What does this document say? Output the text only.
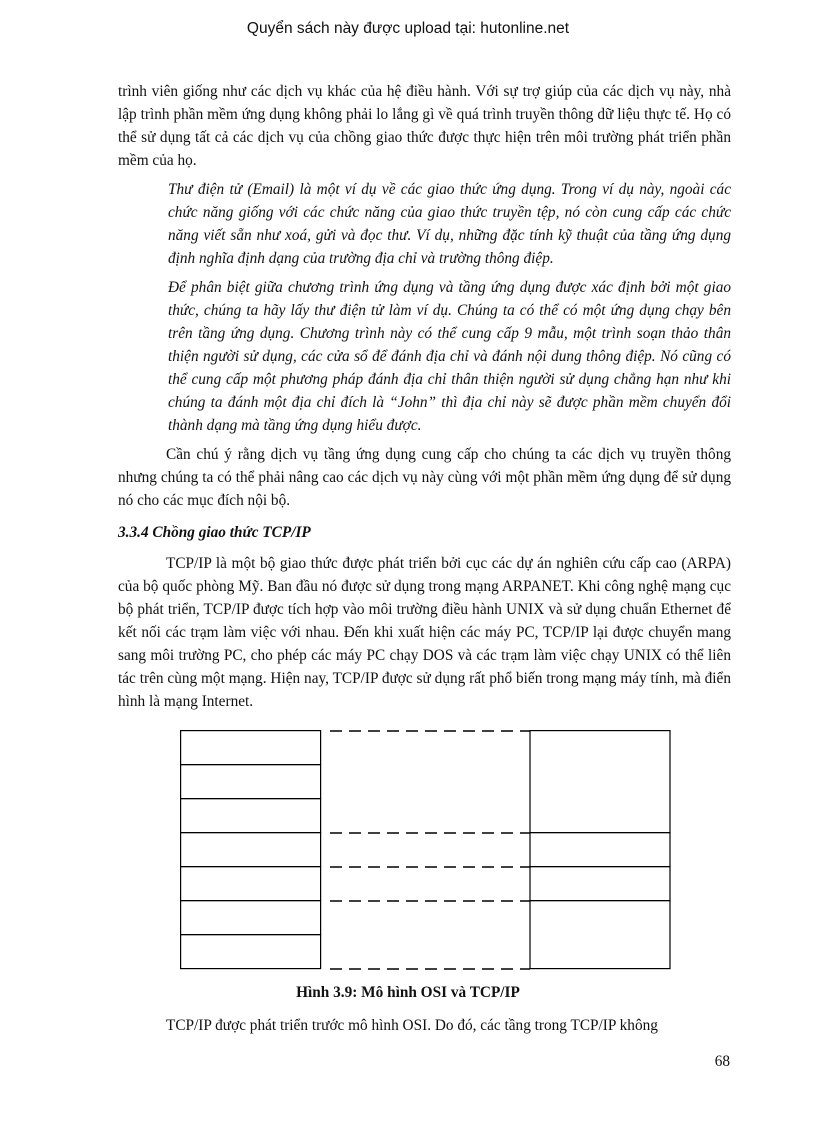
Quyển sách này được upload tại: hutonline.net

trình viên giống như các dịch vụ khác của hệ điều hành. Với sự trợ giúp của các dịch vụ này, nhà lập trình phần mềm ứng dụng không phải lo lắng gì về quá trình truyền thông dữ liệu thực tế. Họ có thể sử dụng tất cả các dịch vụ của chồng giao thức được thực hiện trên môi trường phát triển phần mềm của họ.

Thư điện tử (Email) là một ví dụ về các giao thức ứng dụng. Trong ví dụ này, ngoài các chức năng giống với các chức năng của giao thức truyền tệp, nó còn cung cấp các chức năng viết sẵn như xoá, gửi và đọc thư. Ví dụ, những đặc tính kỹ thuật của tầng ứng dụng định nghĩa định dạng của trường địa chỉ và trường thông điệp.

Để phân biệt giữa chương trình ứng dụng và tầng ứng dụng được xác định bởi một giao thức, chúng ta hãy lấy thư điện tử làm ví dụ. Chúng ta có thể có một ứng dụng chạy bên trên tầng ứng dụng. Chương trình này có thể cung cấp 9 mẫu, một trình soạn thảo thân thiện người sử dụng, các cửa sổ để đánh địa chỉ và đánh nội dung thông điệp. Nó cũng có thể cung cấp một phương pháp đánh địa chỉ thân thiện người sử dụng chẳng hạn như khi chúng ta đánh một địa chỉ đích là “John” thì địa chỉ này sẽ được phần mềm chuyển đổi thành dạng mà tầng ứng dụng hiểu được.

Cần chú ý rằng dịch vụ tầng ứng dụng cung cấp cho chúng ta các dịch vụ truyền thông nhưng chúng ta có thể phải nâng cao các dịch vụ này cùng với một phần mềm ứng dụng để sử dụng nó cho các mục đích nội bộ.

3.3.4 Chồng giao thức TCP/IP

TCP/IP là một bộ giao thức được phát triển bởi cục các dự án nghiên cứu cấp cao (ARPA) của bộ quốc phòng Mỹ. Ban đầu nó được sử dụng trong mạng ARPANET. Khi công nghệ mạng cục bộ phát triển, TCP/IP được tích hợp vào môi trường điều hành UNIX và sử dụng chuẩn Ethernet để kết nối các trạm làm việc với nhau. Đến khi xuất hiện các máy PC, TCP/IP lại được chuyển mang sang môi trường PC, cho phép các máy PC chạy DOS và các trạm làm việc chạy UNIX có thể liên tác trên cùng một mạng. Hiện nay, TCP/IP được sử dụng rất phổ biến trong mạng máy tính, mà điển hình là mạng Internet.

Hình 3.9: Mô hình OSI và TCP/IP

TCP/IP được phát triển trước mô hình OSI. Do đó, các tầng trong TCP/IP không

68
